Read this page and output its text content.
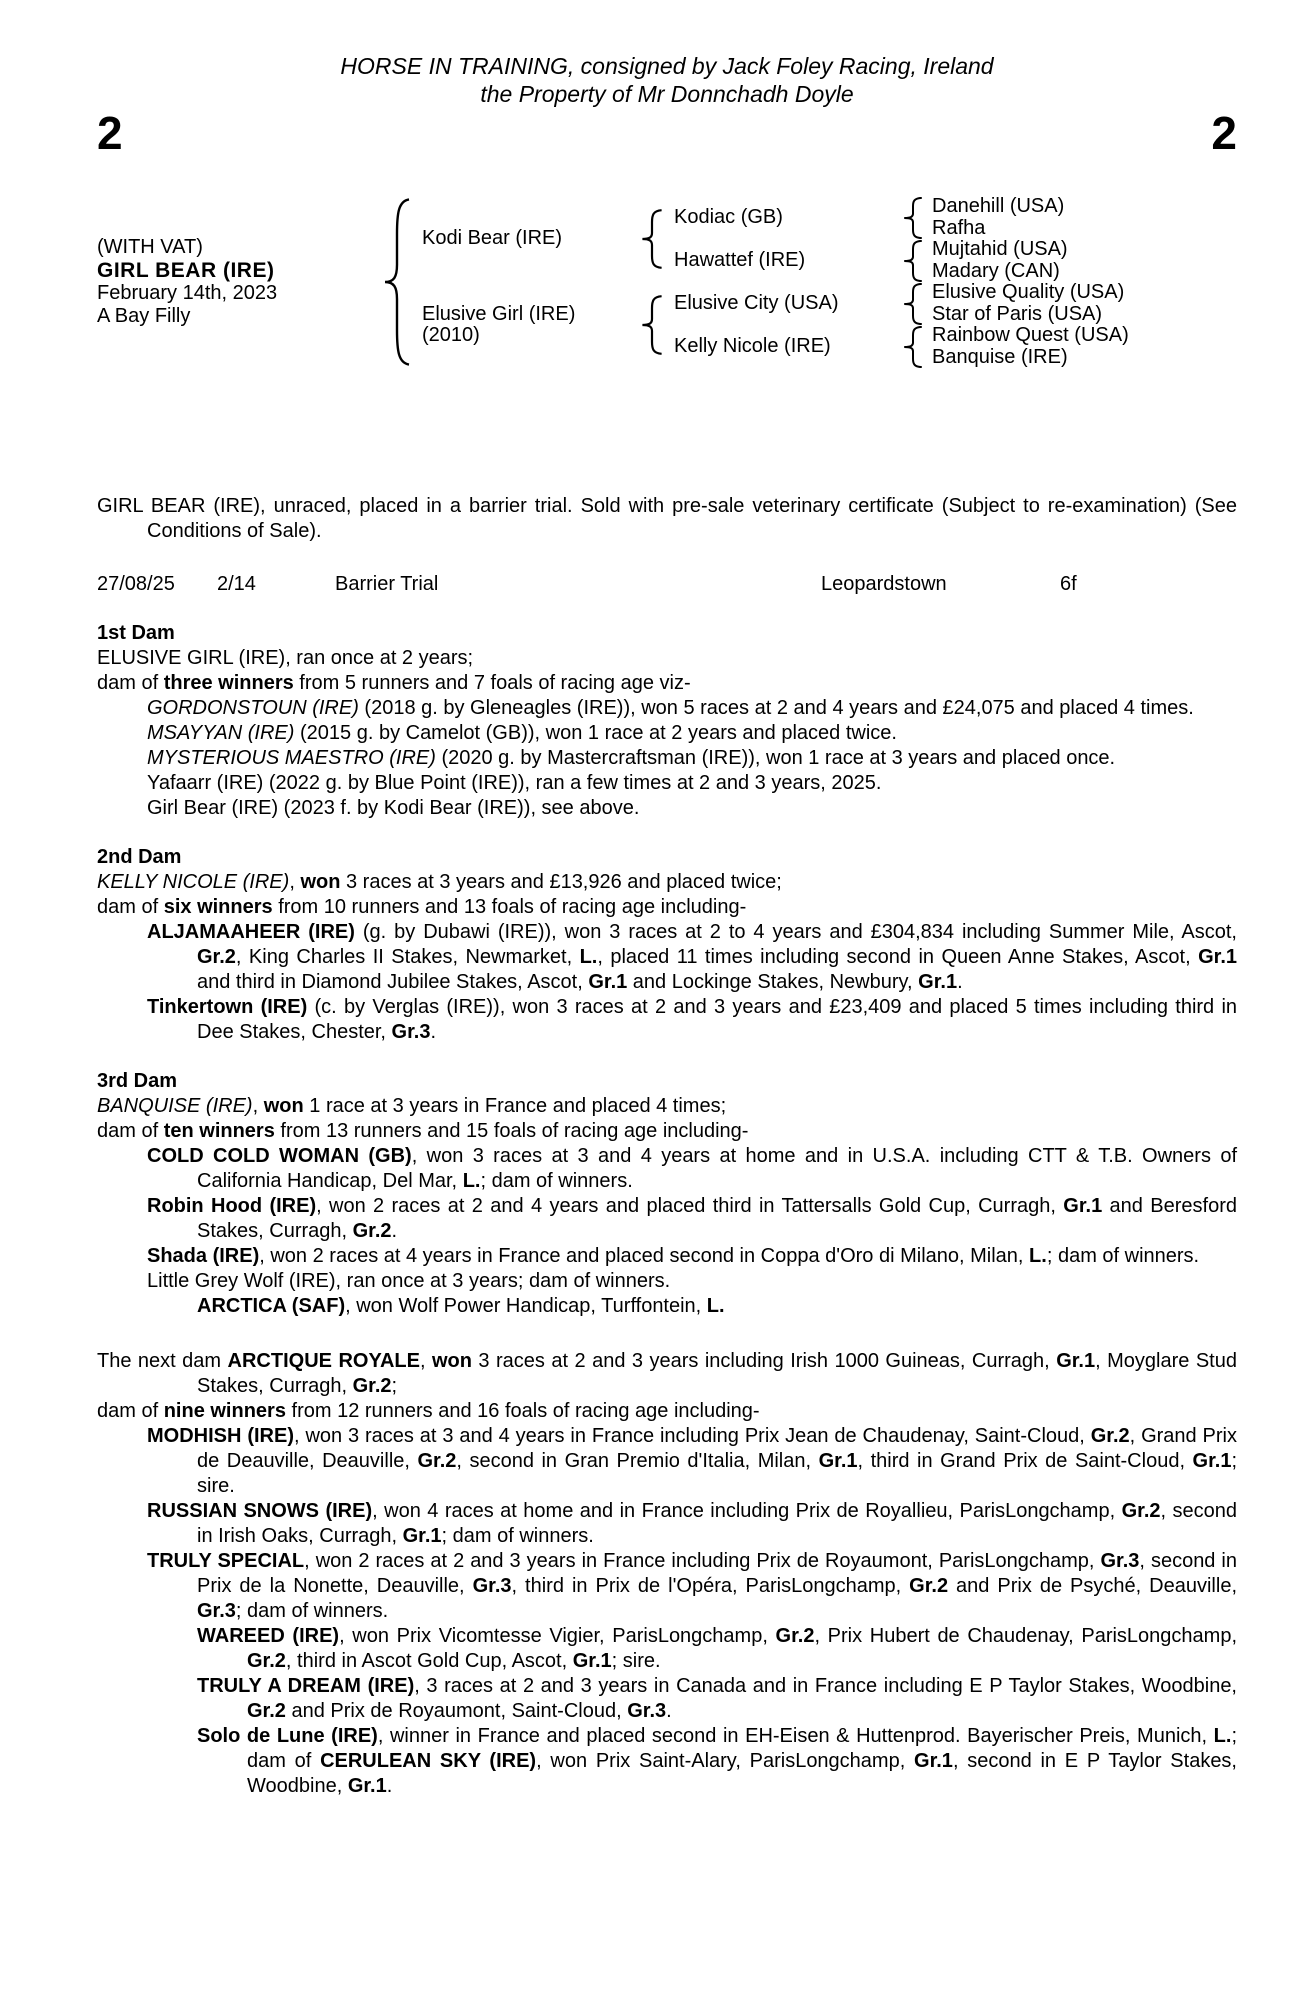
HORSE IN TRAINING, consigned by Jack Foley Racing, Ireland
the Property of Mr Donnchadh Doyle
2	2
(WITH VAT)
GIRL BEAR (IRE)
February 14th, 2023
A Bay Filly
Kodi Bear (IRE)
Elusive Girl (IRE)
(2010)
Kodiac (GB)
Hawattef (IRE)
Elusive City (USA)
Kelly Nicole (IRE)
Danehill (USA)
Rafha
Mujtahid (USA)
Madary (CAN)
Elusive Quality (USA)
Star of Paris (USA)
Rainbow Quest (USA)
Banquise (IRE)

GIRL BEAR (IRE), unraced, placed in a barrier trial. Sold with pre-sale veterinary certificate (Subject to re-examination) (See Conditions of Sale).

27/08/25 2/14	Barrier Trial	Leopardstown	6f
1st Dam

ELUSIVE GIRL (IRE), ran once at 2 years;

dam of three winners from 5 runners and 7 foals of racing age viz-

GORDONSTOUN (IRE) (2018 g. by Gleneagles (IRE)), won 5 races at 2 and 4 years and £24,075 and placed 4 times.

MSAYYAN (IRE) (2015 g. by Camelot (GB)), won 1 race at 2 years and placed twice.

MYSTERIOUS MAESTRO (IRE) (2020 g. by Mastercraftsman (IRE)), won 1 race at 3 years and placed once.

Yafaarr (IRE) (2022 g. by Blue Point (IRE)), ran a few times at 2 and 3 years, 2025.

Girl Bear (IRE) (2023 f. by Kodi Bear (IRE)), see above.

2nd Dam

KELLY NICOLE (IRE), won 3 races at 3 years and £13,926 and placed twice;

dam of six winners from 10 runners and 13 foals of racing age including-

ALJAMAAHEER (IRE) (g. by Dubawi (IRE)), won 3 races at 2 to 4 years and £304,834 including Summer Mile, Ascot, Gr.2, King Charles II Stakes, Newmarket, L., placed 11 times including second in Queen Anne Stakes, Ascot, Gr.1 and third in Diamond Jubilee Stakes, Ascot, Gr.1 and Lockinge Stakes, Newbury, Gr.1.

Tinkertown (IRE) (c. by Verglas (IRE)), won 3 races at 2 and 3 years and £23,409 and placed 5 times including third in Dee Stakes, Chester, Gr.3.

3rd Dam

BANQUISE (IRE), won 1 race at 3 years in France and placed 4 times;

dam of ten winners from 13 runners and 15 foals of racing age including-

COLD COLD WOMAN (GB), won 3 races at 3 and 4 years at home and in U.S.A. including CTT & T.B. Owners of California Handicap, Del Mar, L.; dam of winners.

Robin Hood (IRE), won 2 races at 2 and 4 years and placed third in Tattersalls Gold Cup, Curragh, Gr.1 and Beresford Stakes, Curragh, Gr.2.

Shada (IRE), won 2 races at 4 years in France and placed second in Coppa d'Oro di Milano, Milan, L.; dam of winners.

Little Grey Wolf (IRE), ran once at 3 years; dam of winners.

ARCTICA (SAF), won Wolf Power Handicap, Turffontein, L.

The next dam ARCTIQUE ROYALE, won 3 races at 2 and 3 years including Irish 1000 Guineas, Curragh, Gr.1, Moyglare Stud Stakes, Curragh, Gr.2;

dam of nine winners from 12 runners and 16 foals of racing age including-

MODHISH (IRE), won 3 races at 3 and 4 years in France including Prix Jean de Chaudenay, Saint-Cloud, Gr.2, Grand Prix de Deauville, Deauville, Gr.2, second in Gran Premio d'Italia, Milan, Gr.1, third in Grand Prix de Saint-Cloud, Gr.1; sire.

RUSSIAN SNOWS (IRE), won 4 races at home and in France including Prix de Royallieu, ParisLongchamp, Gr.2, second in Irish Oaks, Curragh, Gr.1; dam of winners.

TRULY SPECIAL, won 2 races at 2 and 3 years in France including Prix de Royaumont, ParisLongchamp, Gr.3, second in Prix de la Nonette, Deauville, Gr.3, third in Prix de l'Opéra, ParisLongchamp, Gr.2 and Prix de Psyché, Deauville, Gr.3; dam of winners.

WAREED (IRE), won Prix Vicomtesse Vigier, ParisLongchamp, Gr.2, Prix Hubert de Chaudenay, ParisLongchamp, Gr.2, third in Ascot Gold Cup, Ascot, Gr.1; sire.

TRULY A DREAM (IRE), 3 races at 2 and 3 years in Canada and in France including E P Taylor Stakes, Woodbine, Gr.2 and Prix de Royaumont, Saint-Cloud, Gr.3.

Solo de Lune (IRE), winner in France and placed second in EH-Eisen & Huttenprod. Bayerischer Preis, Munich, L.; dam of CERULEAN SKY (IRE), won Prix Saint-Alary, ParisLongchamp, Gr.1, second in E P Taylor Stakes, Woodbine, Gr.1.
